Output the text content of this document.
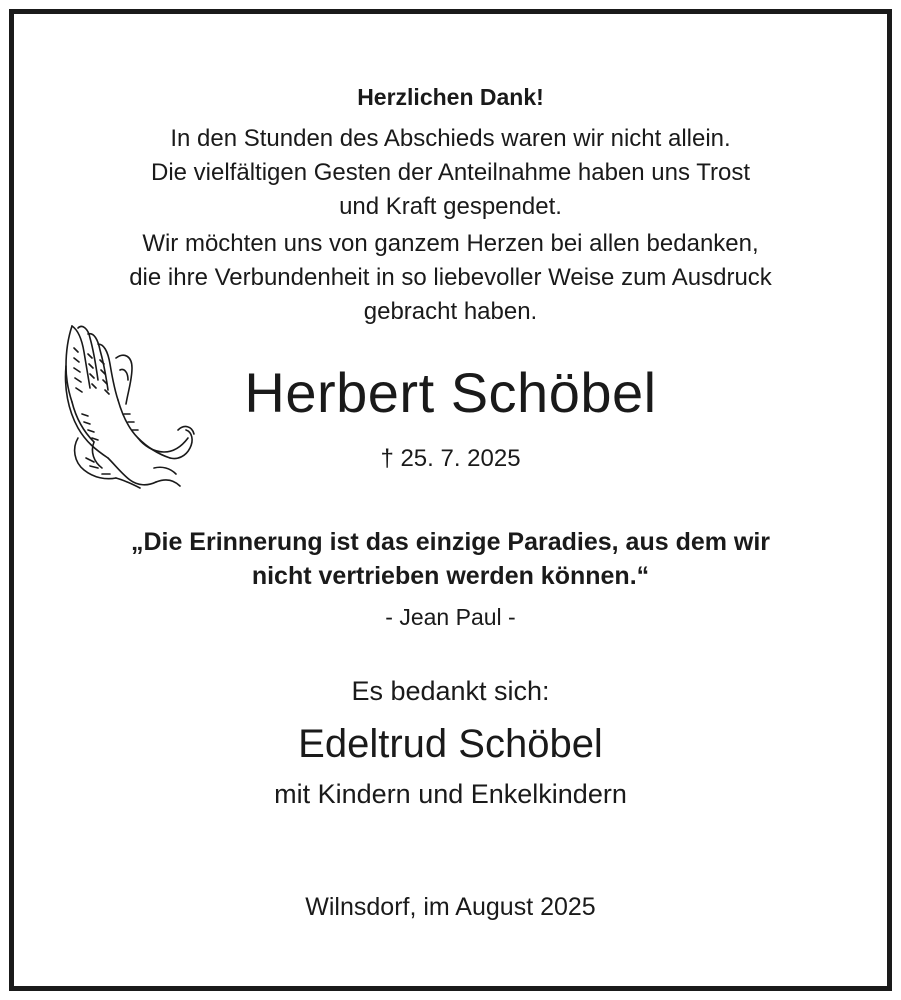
Herzlichen Dank!
In den Stunden des Abschieds waren wir nicht allein.
Die vielfältigen Gesten der Anteilnahme haben uns Trost
und Kraft gespendet.
Wir möchten uns von ganzem Herzen bei allen bedanken,
die ihre Verbundenheit in so liebevoller Weise zum Ausdruck
gebracht haben.
Herbert Schöbel
† 25. 7. 2025
„Die Erinnerung ist das einzige Paradies, aus dem wir
nicht vertrieben werden können.“
- Jean Paul -
Es bedankt sich:
Edeltrud Schöbel
mit Kindern und Enkelkindern
Wilnsdorf, im August 2025
